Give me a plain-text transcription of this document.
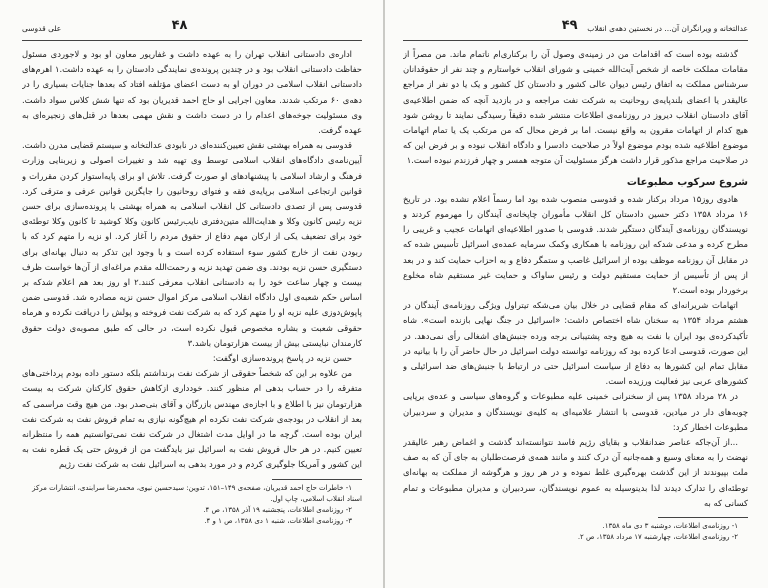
۴۸
علی قدوسی

اداره‌ی دادستانی انقلاب تهران را به عهده داشت و غفاریور معاون او بود و لاجوردی مسئول حفاظت دادستانی انقلاب بود و در چندین پرونده‌ی نمایندگی دادستان را به عهده داشت.۱ اهرم‌های دادستانی انقلاب اسلامی در دوران او به دست اعضای مؤتلفه افتاد که بعدها جنایات بسیاری را در دهه‌ی ۶۰ مرتکب شدند. معاون اجرایی او حاج احمد قدیریان بود که تنها شش کلاس سواد داشت. وی مسئولیت جوخه‌های اعدام را در دست داشت و نقش مهمی بعدها در قتل‌های زنجیره‌ای به عهده گرفت.

قدوسی به همراه بهشتی نقش تعیین‌کننده‌ای در نابودی عدالتخانه و سیستم قضایی مدرن داشت. آیین‌نامه‌ی دادگاه‌های انقلاب اسلامی توسط وی تهیه شد و تغییرات اصولی و زیربنایی وزارت فرهنگ و ارشاد اسلامی با پیشنهادهای او صورت گرفت. تلاش او برای پایه‌استوار کردن مقررات و قوانین ارتجاعی اسلامی برپایه‌ی فقه و فتوای روحانیون را جایگزین قوانین عرفی و مترقی کرد. قدوسی پس از تصدی دادستانی کل انقلاب اسلامی به همراه بهشتی با پرونده‌سازی برای حسن نزیه رئیس کانون وکلا و هدایت‌الله متین‌دفتری نایب‌رئیس کانون وکلا کوشید تا کانون وکلا توطئه‌ی خود برای تضعیف یکی از ارکان مهم دفاع از حقوق مردم را آغاز کرد. او نزیه را متهم کرد که با ربودن نفت از خارج کشور سوء استفاده کرده است و با وجود این تذکر به دنبال بهانه‌ای برای دستگیری حسن نزیه بودند. وی ضمن تهدید نزیه و رحمت‌الله مقدم مراغه‌ای از آن‌ها خواست ظرف بیست و چهار ساعت خود را به دادستانی انقلاب معرفی کنند.۲ او روز بعد هم اعلام شدکه بر اساس حکم شعبه‌ی اول دادگاه انقلاب اسلامی مرکز اموال حسن نزیه مصادره شد. قدوسی ضمن پاپوش‌دوزی علیه نزیه او را متهم کرد که به شرکت نفت فروخته و پولش را دریافت نکرده و هرماه حقوقی شعبت و بشاره مخصوص قبول نکرده است، در حالی که طبق مصوبه‌ی دولت حقوق کارمندان نبایستی بیش از بیست هزارتومان باشد.۳

حسن نزیه در پاسخ پرونده‌سازی اوگفت:

من علاوه بر این که شخصاً حقوقی از شرکت نفت برنداشتم بلکه دستور داده بودم پرداختی‌های متفرقه را در حساب بدهی ام منظور کنند. خودداری ازکاهش حقوق کارکنان شرکت به بیست هزارتومان نیز با اطلاع و با اجازه‌ی مهندس بازرگان و آقای بنی‌صدر بود. من هیچ وقت مراسمی که بعد از انقلاب در بودجه‌ی شرکت نفت نکرده ام هیچ‌گونه نیازی به تمام فروش نفت به شرکت نفت ایران بوده است. گرچه ما در اوایل مدت اشتغال در شرکت نفت نمی‌توانستیم همه را منتظرانه تعیین کنیم. در هر حال فروش نفت به اسرائیل نیز بایدگفت من از فروش حتی یک قطره نفت به این کشور و آمریکا جلوگیری کردم و در مورد بدهی به اسرائیل نفت به شرکت نفت رژیم

۱- خاطرات حاج احمد قدیریان، صفحه‌ی ۱۴۹–۱۵۱، تدوین: سیدحسین نیوی، محمدرضا سرابندی، انتشارات مرکز اسناد انقلاب اسلامی، چاپ اول.

۲- روزنامه‌ی اطلاعات، پنجشنبه ۱۹ آذر ۱۳۵۸، ص ۴.

۳- روزنامه‌ی اطلاعات، شنبه ۱ دی ۱۳۵۸، ص ۱ و ۴.

۴۹ عدالتخانه و ویرانگران آن... در نخستین دهه‌ی انقلاب

گذشته بوده است که اقدامات من در زمینه‌ی وصول آن را برکناری‌ام ناتمام ماند. من مصراً از مقامات مملکت خاصه از شخص آیت‌الله خمینی و شورای انقلاب خواستارم و چند نفر از حقوقدانان سرشناس مملکت به اتفاق رئیس دیوان عالی کشور و دادستان کل کشور و یک یا دو نفر از مراجع عالیقدر یا اعضای بلندپایه‌ی روحانیت به شرکت نفت مراجعه و در بازدید آنچه که ضمن اطلاعیه‌ی آقای دادستان انقلاب دیروز در روزنامه‌ی اطلاعات منتشر شده دقیقاً رسیدگی نمایند تا روشن شود هیچ کدام از اتهامات مقرون به واقع نیست. اما بر فرض محال که من مرتکب یک یا تمام اتهامات موضوع اطلاعیه شده بودم موضوع اولاً در صلاحیت دادسرا و دادگاه انقلاب نبوده و بر فرض این که در صلاحیت مراجع مذکور قرار داشت هرگز مسئولیت آن متوجه همسر و چهار فرزندم نبوده است.۱

شروع سرکوب مطبوعات

هادوی روز۱۵ مرداد برکنار شده و قدوسی منصوب شده بود اما رسماً اعلام نشده بود. در تاریخ ۱۶ مرداد ۱۳۵۸ دکتر حسین دادستان کل انقلاب مأموران چاپخانه‌ی آیندگان را مهرموم کردند و نویسندگان روزنامه‌ی آیندگان دستگیر شدند. قدوسی با صدور اطلاعیه‌ای اتهامات عجیب و غریبی را مطرح کرده و مدعی شدکه این روزنامه با همکاری وکمک سرمایه عمده‌ی اسرائیل تأسیس شده که در مقابل آن روزنامه موظف بوده از اسرائیل غاصب و ستمگر دفاع و به احزاب حمایت کند و در بعد از پس از تأسیس از حمایت مستقیم دولت و رئیس ساواک و حمایت غیر مستقیم شاه مخلوع برخوردار بوده است.۲

اتهامات شریرانه‌ای که مقام قضایی در خلال بیان می‌شکه تیتراول ویژگی روزنامه‌ی آیندگان در هشتم مرداد ۱۳۵۴ به سخنان شاه اختصاص داشت: «اسرائیل در جنگ نهایی بازنده است». شاه تأکیدکرده‌ی بود ایران با نفت به هیچ وجه پشتیبانی برجه ورده جنبش‌های اشغالی رأی نمی‌دهد. در این صورت، قدوسی ادعا کرده بود که روزنامه توانسته دولت اسرائیل در حال حاضر آن را با بیانیه در مقابل تمام این کشورها به دفاع از سیاست اسرائیل حتی در ارتباط با جنبش‌های ضد اسرائیلی و کشورهای عربی نیز فعالیت ورزیده است.

در ۲۸ مرداد ۱۳۵۸ پس از سخنرانی خمینی علیه مطبوعات و گروه‌های سیاسی و عده‌ی برپایی چوبه‌های دار در میادین، قدوسی با انتشار علامیه‌ای به کلیه‌ی نویسندگان و مدیران و سردبیران مطبوعات اخطار کرد:

...از آن‌جاکه عناصر ضدانقلاب و بقایای رژیم فاسد نتوانسته‌اند گذشت و اغماض رهبر عالیقدر نهضت را به معنای وسیع و همه‌جانبه آن درک کنند و مانند همه‌ی فرصت‌طلبان به جای آن که به صف ملت بپیوندند از این گذشت بهره‌گیری غلط نموده و در هر روز و هرگوشه از مملکت به بهانه‌ای توطئه‌ای را تدارک دیدند لذا بدینوسیله به عموم نویسندگان، سردبیران و مدیران مطبوعات و تمام کسانی که به

۱- روزنامه‌ی اطلاعات، دوشنبه ۳ دی ماه ۱۳۵۸.

۲- روزنامه‌ی اطلاعات، چهارشنبه ۱۷ مرداد ۱۳۵۸، ص ۲.
